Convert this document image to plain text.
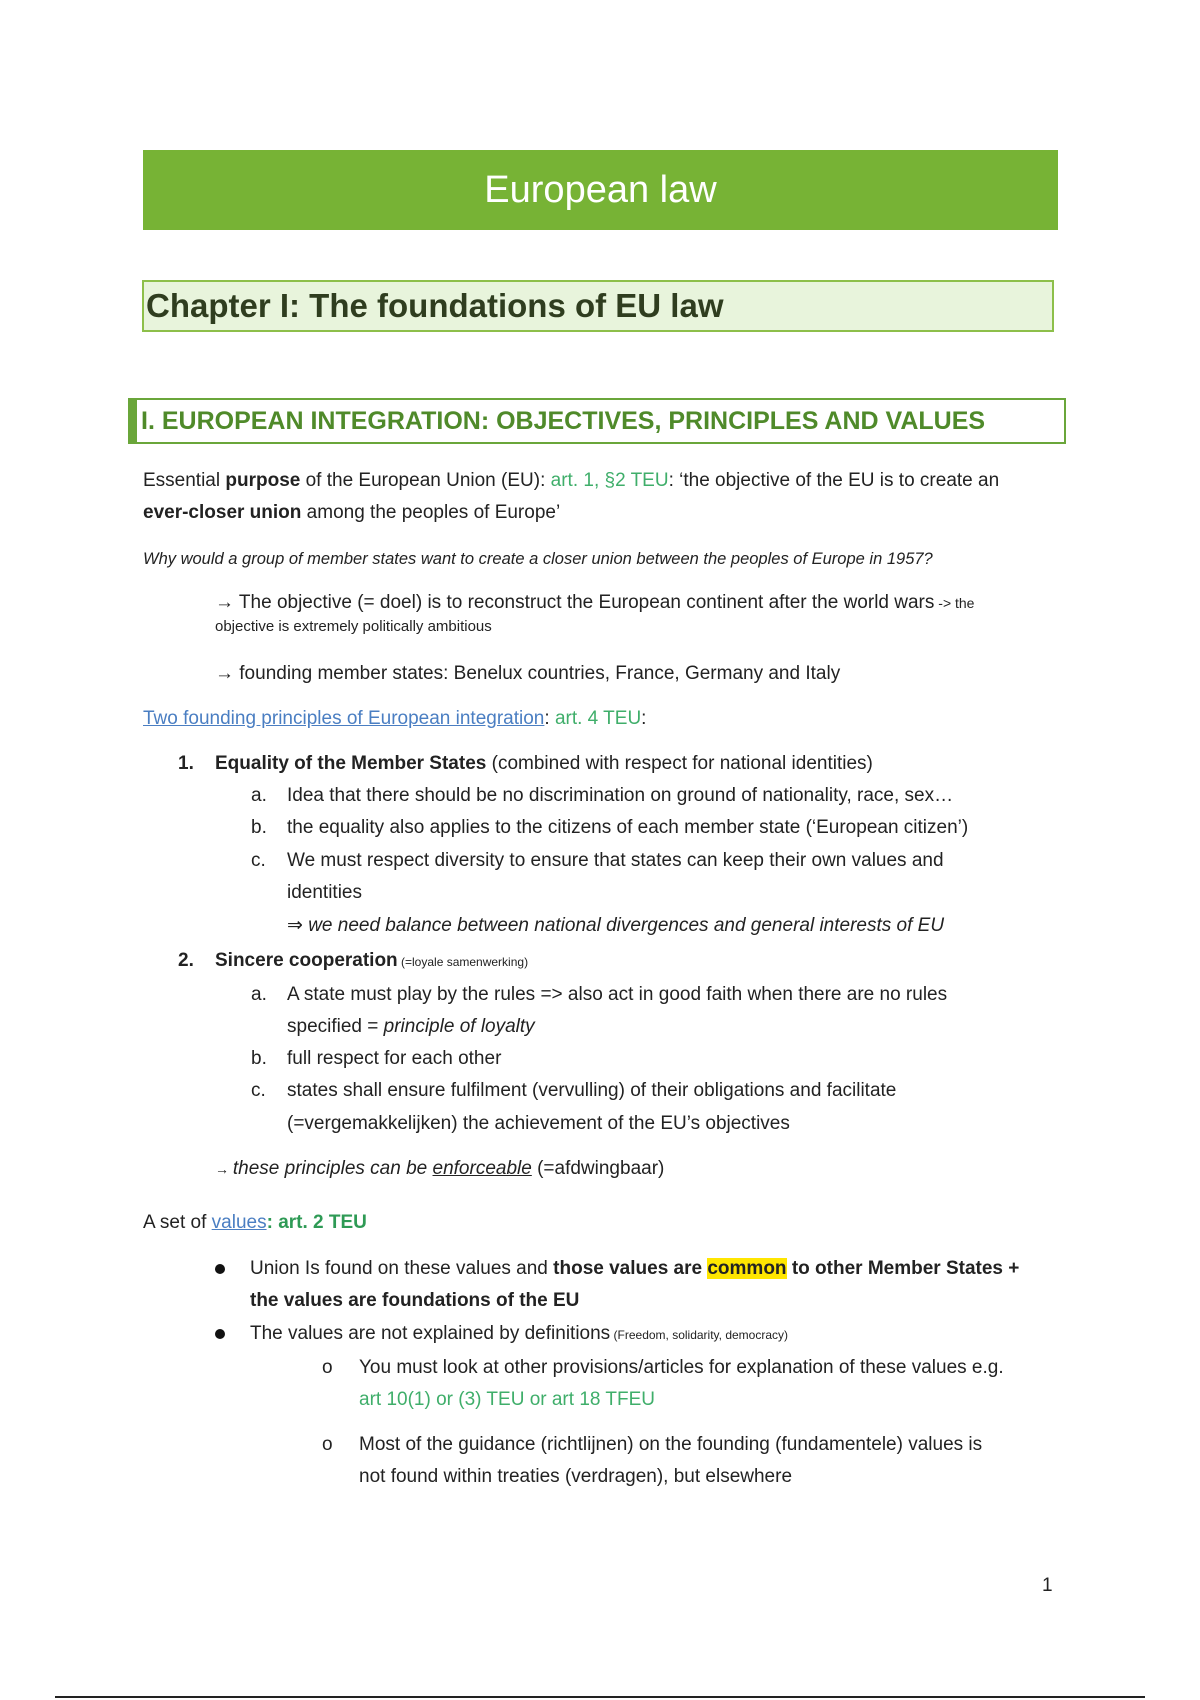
European law
Chapter I: The foundations of EU law
I. EUROPEAN INTEGRATION: OBJECTIVES, PRINCIPLES AND VALUES
Essential purpose of the European Union (EU): art. 1, §2 TEU: ‘the objective of the EU is to create an
ever-closer union among the peoples of Europe’
Why would a group of member states want to create a closer union between the peoples of Europe in 1957?
→ The objective (= doel) is to reconstruct the European continent after the world wars -> the
objective is extremely politically ambitious
→ founding member states: Benelux countries, France, Germany and Italy
Two founding principles of European integration: art. 4 TEU:
1. Equality of the Member States (combined with respect for national identities)
a. Idea that there should be no discrimination on ground of nationality, race, sex…
b. the equality also applies to the citizens of each member state (‘European citizen’)
c. We must respect diversity to ensure that states can keep their own values and
identities
⇒ we need balance between national divergences and general interests of EU
2. Sincere cooperation (=loyale samenwerking)
a. A state must play by the rules => also act in good faith when there are no rules
specified = principle of loyalty
b. full respect for each other
c. states shall ensure fulfilment (vervulling) of their obligations and facilitate
(=vergemakkelijken) the achievement of the EU’s objectives
→ these principles can be enforceable (=afdwingbaar)
A set of values: art. 2 TEU
Union Is found on these values and those values are common to other Member States +
the values are foundations of the EU
The values are not explained by definitions (Freedom, solidarity, democracy)
o You must look at other provisions/articles for explanation of these values e.g.
art 10(1) or (3) TEU or art 18 TFEU
o Most of the guidance (richtlijnen) on the founding (fundamentele) values is
not found within treaties (verdragen), but elsewhere
1
